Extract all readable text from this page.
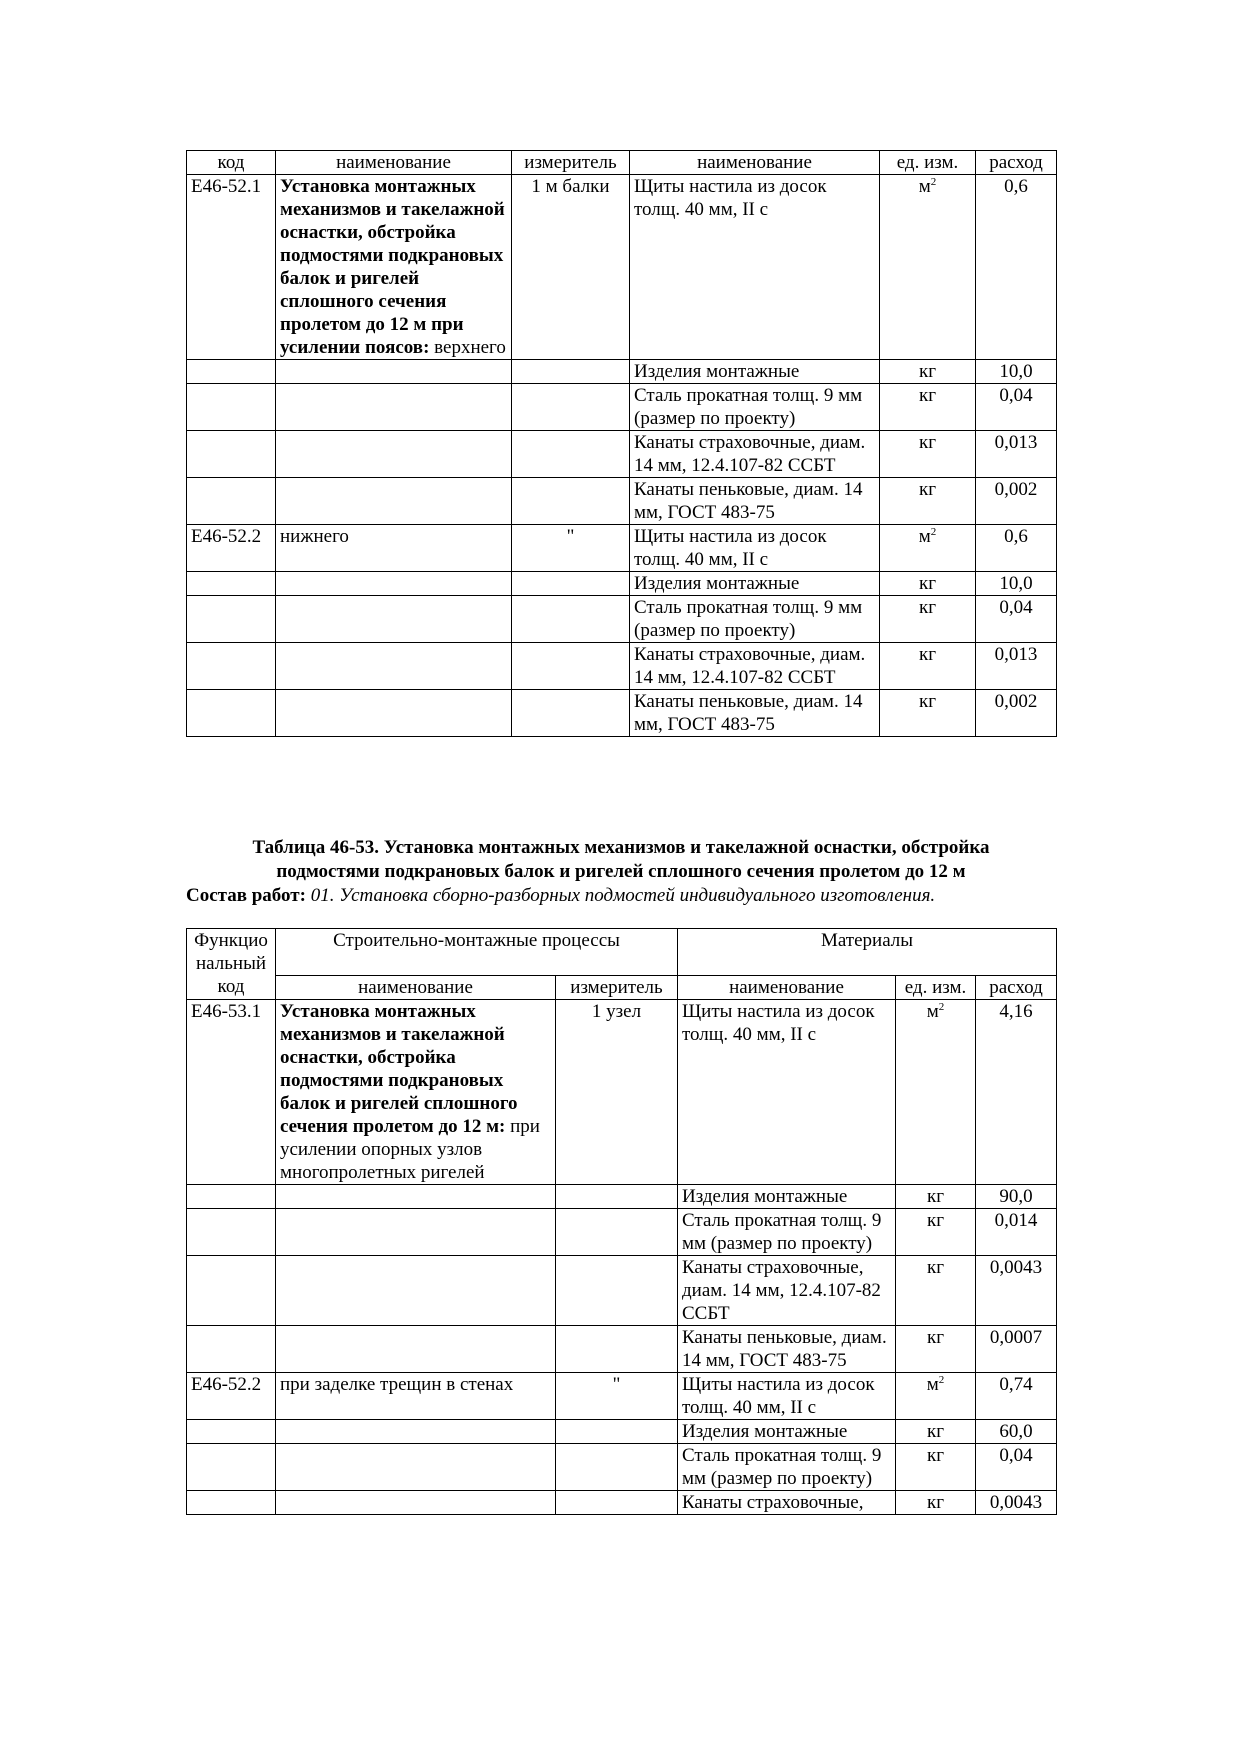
код	наименование	измеритель	наименование	ед. изм.	расход
Е46-52.1	Установка монтажных механизмов и такелажной оснастки, обстройка подмостями подкрановых балок и ригелей сплошного сечения пролетом до 12 м при усилении поясов: верхнего	1 м балки	Щиты настила из досок толщ. 40 мм, II с	$м^2$	0,6
			Изделия монтажные	кг	10,0
			Сталь прокатная толщ. 9 мм (размер по проекту)	кг	0,04
			Канаты страховочные, диам. 14 мм, 12.4.107-82 ССБТ	кг	0,013
			Канаты пеньковые, диам. 14 мм, ГОСТ 483-75	кг	0,002
Е46-52.2	нижнего	"	Щиты настила из досок толщ. 40 мм, II с	$м^2$	0,6
			Изделия монтажные	кг	10,0
			Сталь прокатная толщ. 9 мм (размер по проекту)	кг	0,04
			Канаты страховочные, диам. 14 мм, 12.4.107-82 ССБТ	кг	0,013
			Канаты пеньковые, диам. 14 мм, ГОСТ 483-75	кг	0,002
Таблица 46-53. Установка монтажных механизмов и такелажной оснастки, обстройка
подмостями подкрановых балок и ригелей сплошного сечения пролетом до 12 м
Состав работ: 01. Установка сборно-разборных подмостей индивидуального изготовления.
Функцио нальный код	Строительно-монтажные процессы		Материалы		
	наименование	измеритель	наименование	ед. изм.	расход
Е46-53.1	Установка монтажных механизмов и такелажной оснастки, обстройка подмостями подкрановых балок и ригелей сплошного сечения пролетом до 12 м: при усилении опорных узлов многопролетных ригелей	1 узел	Щиты настила из досок толщ. 40 мм, II с	$м^2$	4,16
			Изделия монтажные	кг	90,0
			Сталь прокатная толщ. 9 мм (размер по проекту)	кг	0,014
			Канаты страховочные, диам. 14 мм, 12.4.107-82 ССБТ	кг	0,0043
			Канаты пеньковые, диам. 14 мм, ГОСТ 483-75	кг	0,0007
Е46-52.2	при заделке трещин в стенах	"	Щиты настила из досок толщ. 40 мм, II с	$м^2$	0,74
			Изделия монтажные	кг	60,0
			Сталь прокатная толщ. 9 мм (размер по проекту)	кг	0,04
			Канаты страховочные,	кг	0,0043
